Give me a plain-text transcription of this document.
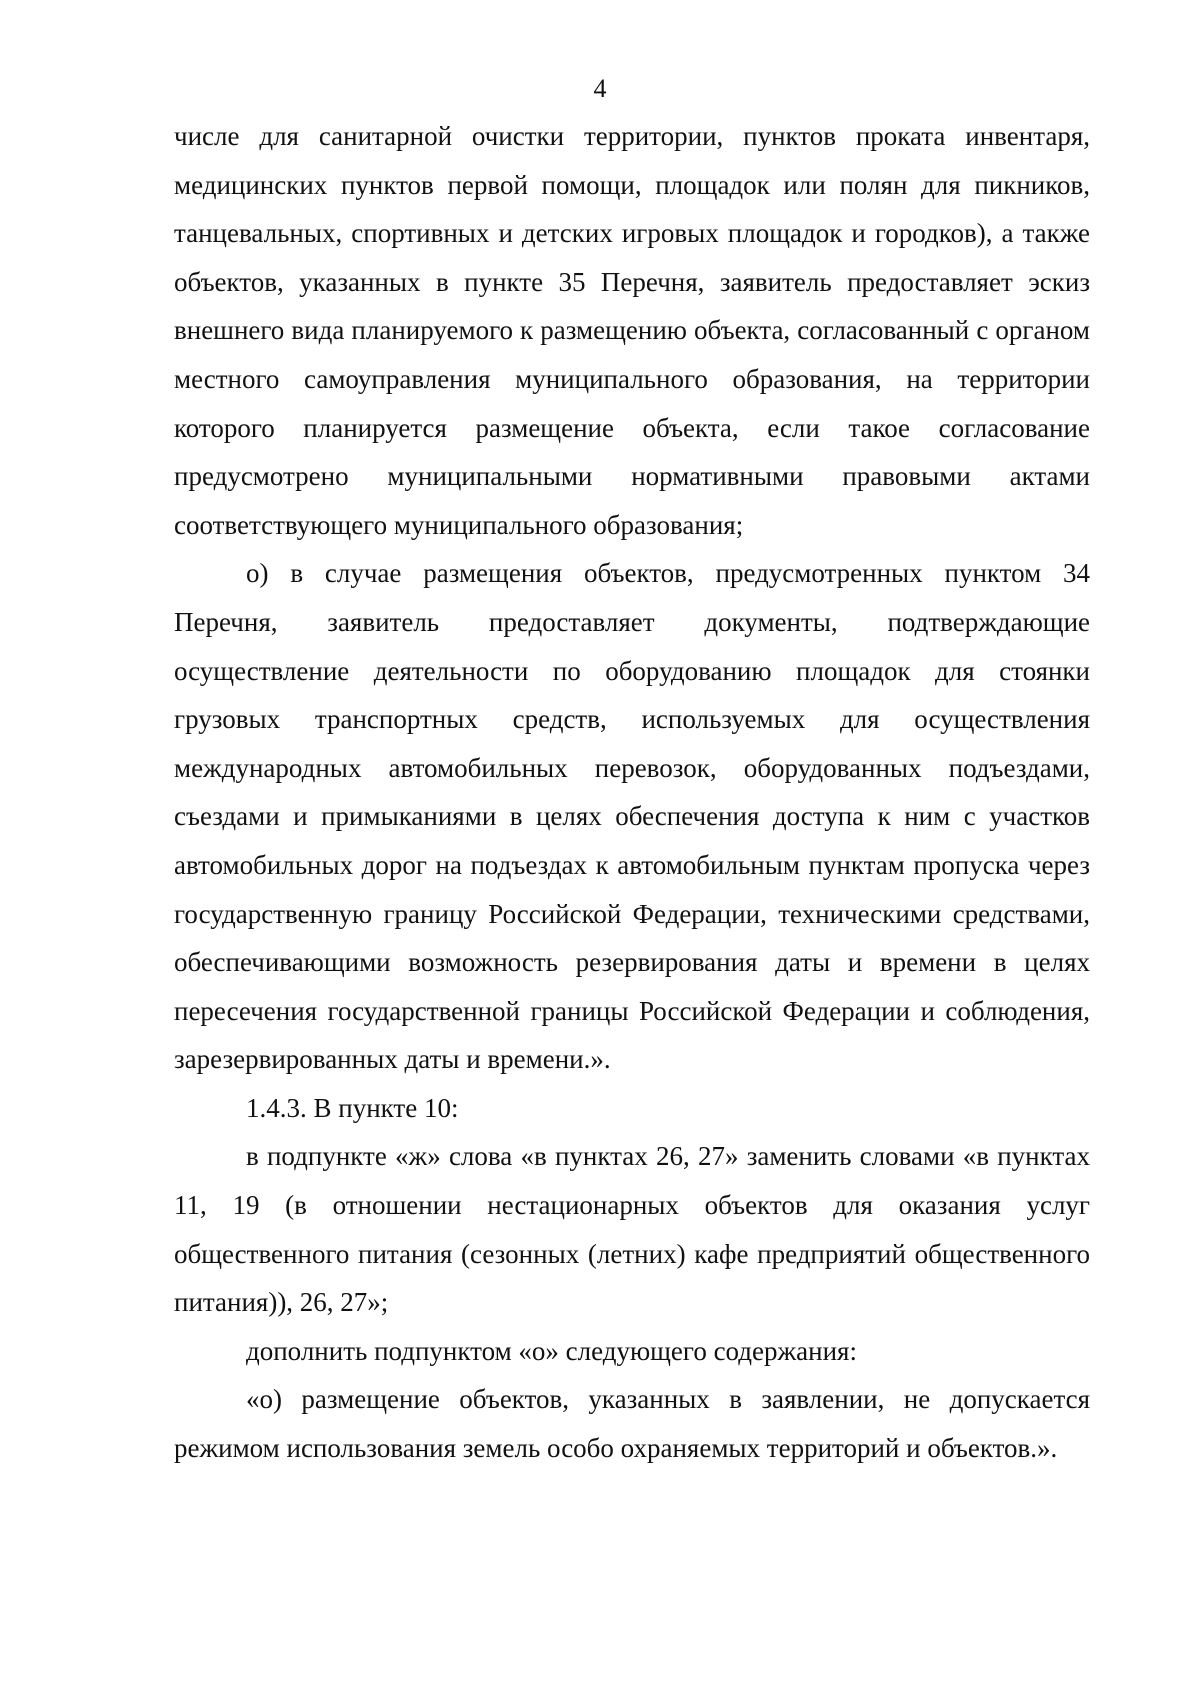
4

числе для санитарной очистки территории, пунктов проката инвентаря, медицинских пунктов первой помощи, площадок или полян для пикников, танцевальных, спортивных и детских игровых площадок и городков), а также объектов, указанных в пункте 35 Перечня, заявитель предоставляет эскиз внешнего вида планируемого к размещению объекта, согласованный с органом местного самоуправления муниципального образования, на территории которого планируется размещение объекта, если такое согласование предусмотрено муниципальными нормативными правовыми актами соответствующего муниципального образования;

о) в случае размещения объектов, предусмотренных пунктом 34 Перечня, заявитель предоставляет документы, подтверждающие осуществление деятельности по оборудованию площадок для стоянки грузовых транспортных средств, используемых для осуществления международных автомобильных перевозок, оборудованных подъездами, съездами и примыканиями в целях обеспечения доступа к ним с участков автомобильных дорог на подъездах к автомобильным пунктам пропуска через государственную границу Российской Федерации, техническими средствами, обеспечивающими возможность резервирования даты и времени в целях пересечения государственной границы Российской Федерации и соблюдения, зарезервированных даты и времени.».

1.4.3. В пункте 10:

в подпункте «ж» слова «в пунктах 26, 27» заменить словами «в пунктах 11, 19 (в отношении нестационарных объектов для оказания услуг общественного питания (сезонных (летних) кафе предприятий общественного питания)), 26, 27»;

дополнить подпунктом «о» следующего содержания:

«о) размещение объектов, указанных в заявлении, не допускается режимом использования земель особо охраняемых территорий и объектов.».
